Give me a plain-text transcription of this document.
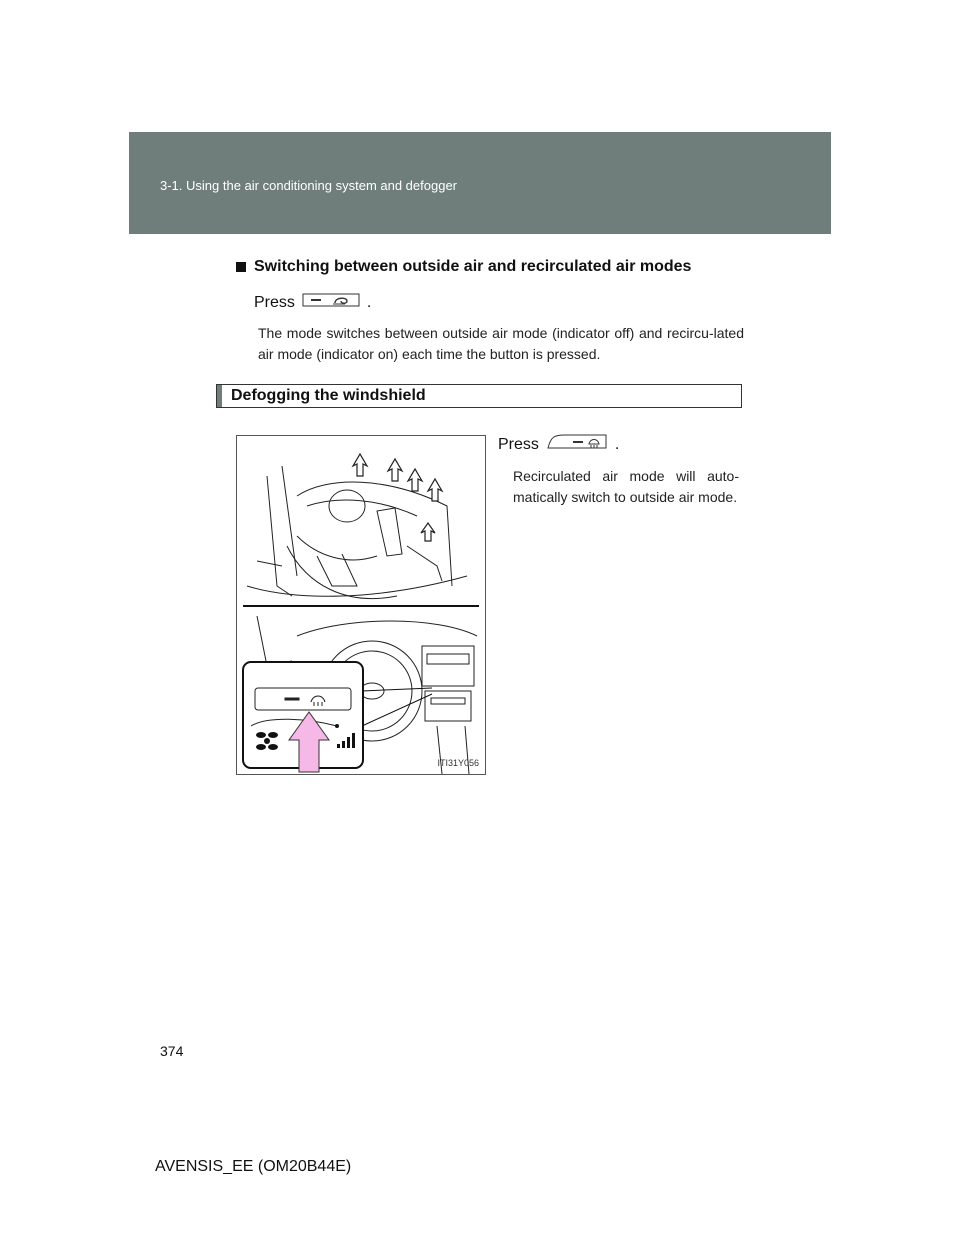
3-1. Using the air conditioning system and defogger
Switching between outside air and recirculated air modes
Press	.
The mode switches between outside air mode (indicator off) and recircu-lated air mode (indicator on) each time the button is pressed.
Defogging the windshield
ITI31Y056
Press	.
Recirculated air mode will auto-matically switch to outside air mode.
374
AVENSIS_EE (OM20B44E)
